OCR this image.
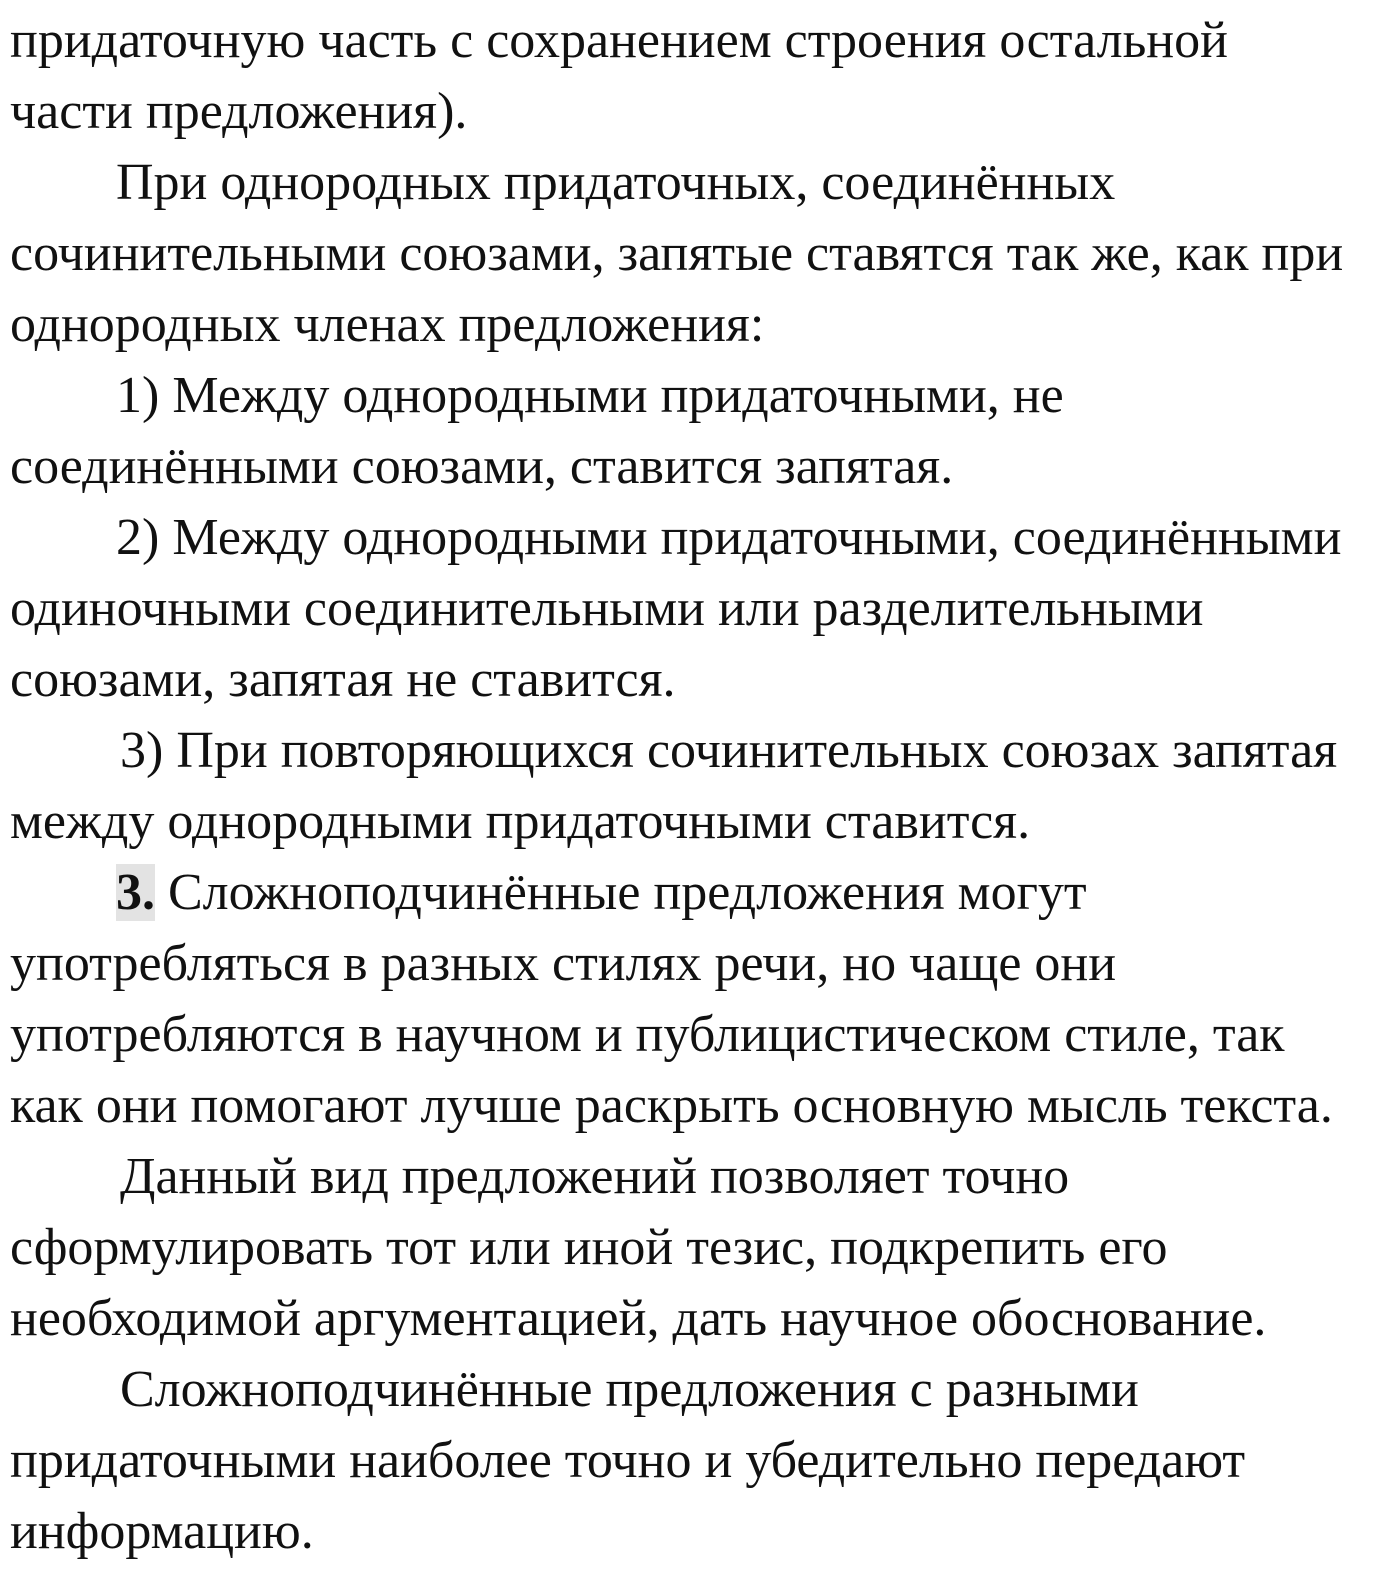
придаточную часть с сохранением строения остальной
части предложения).
При однородных придаточных, соединённых
сочинительными союзами, запятые ставятся так же, как при
однородных членах предложения:
1) Между однородными придаточными, не
соединёнными союзами, ставится запятая.
2) Между однородными придаточными, соединёнными
одиночными соединительными или разделительными
союзами, запятая не ставится.
3) При повторяющихся сочинительных союзах запятая
между однородными придаточными ставится.
3. Сложноподчинённые предложения могут
употребляться в разных стилях речи, но чаще они
употребляются в научном и публицистическом стиле, так
как они помогают лучше раскрыть основную мысль текста.
Данный вид предложений позволяет точно
сформулировать тот или иной тезис, подкрепить его
необходимой аргументацией, дать научное обоснование.
Сложноподчинённые предложения с разными
придаточными наиболее точно и убедительно передают
информацию.
